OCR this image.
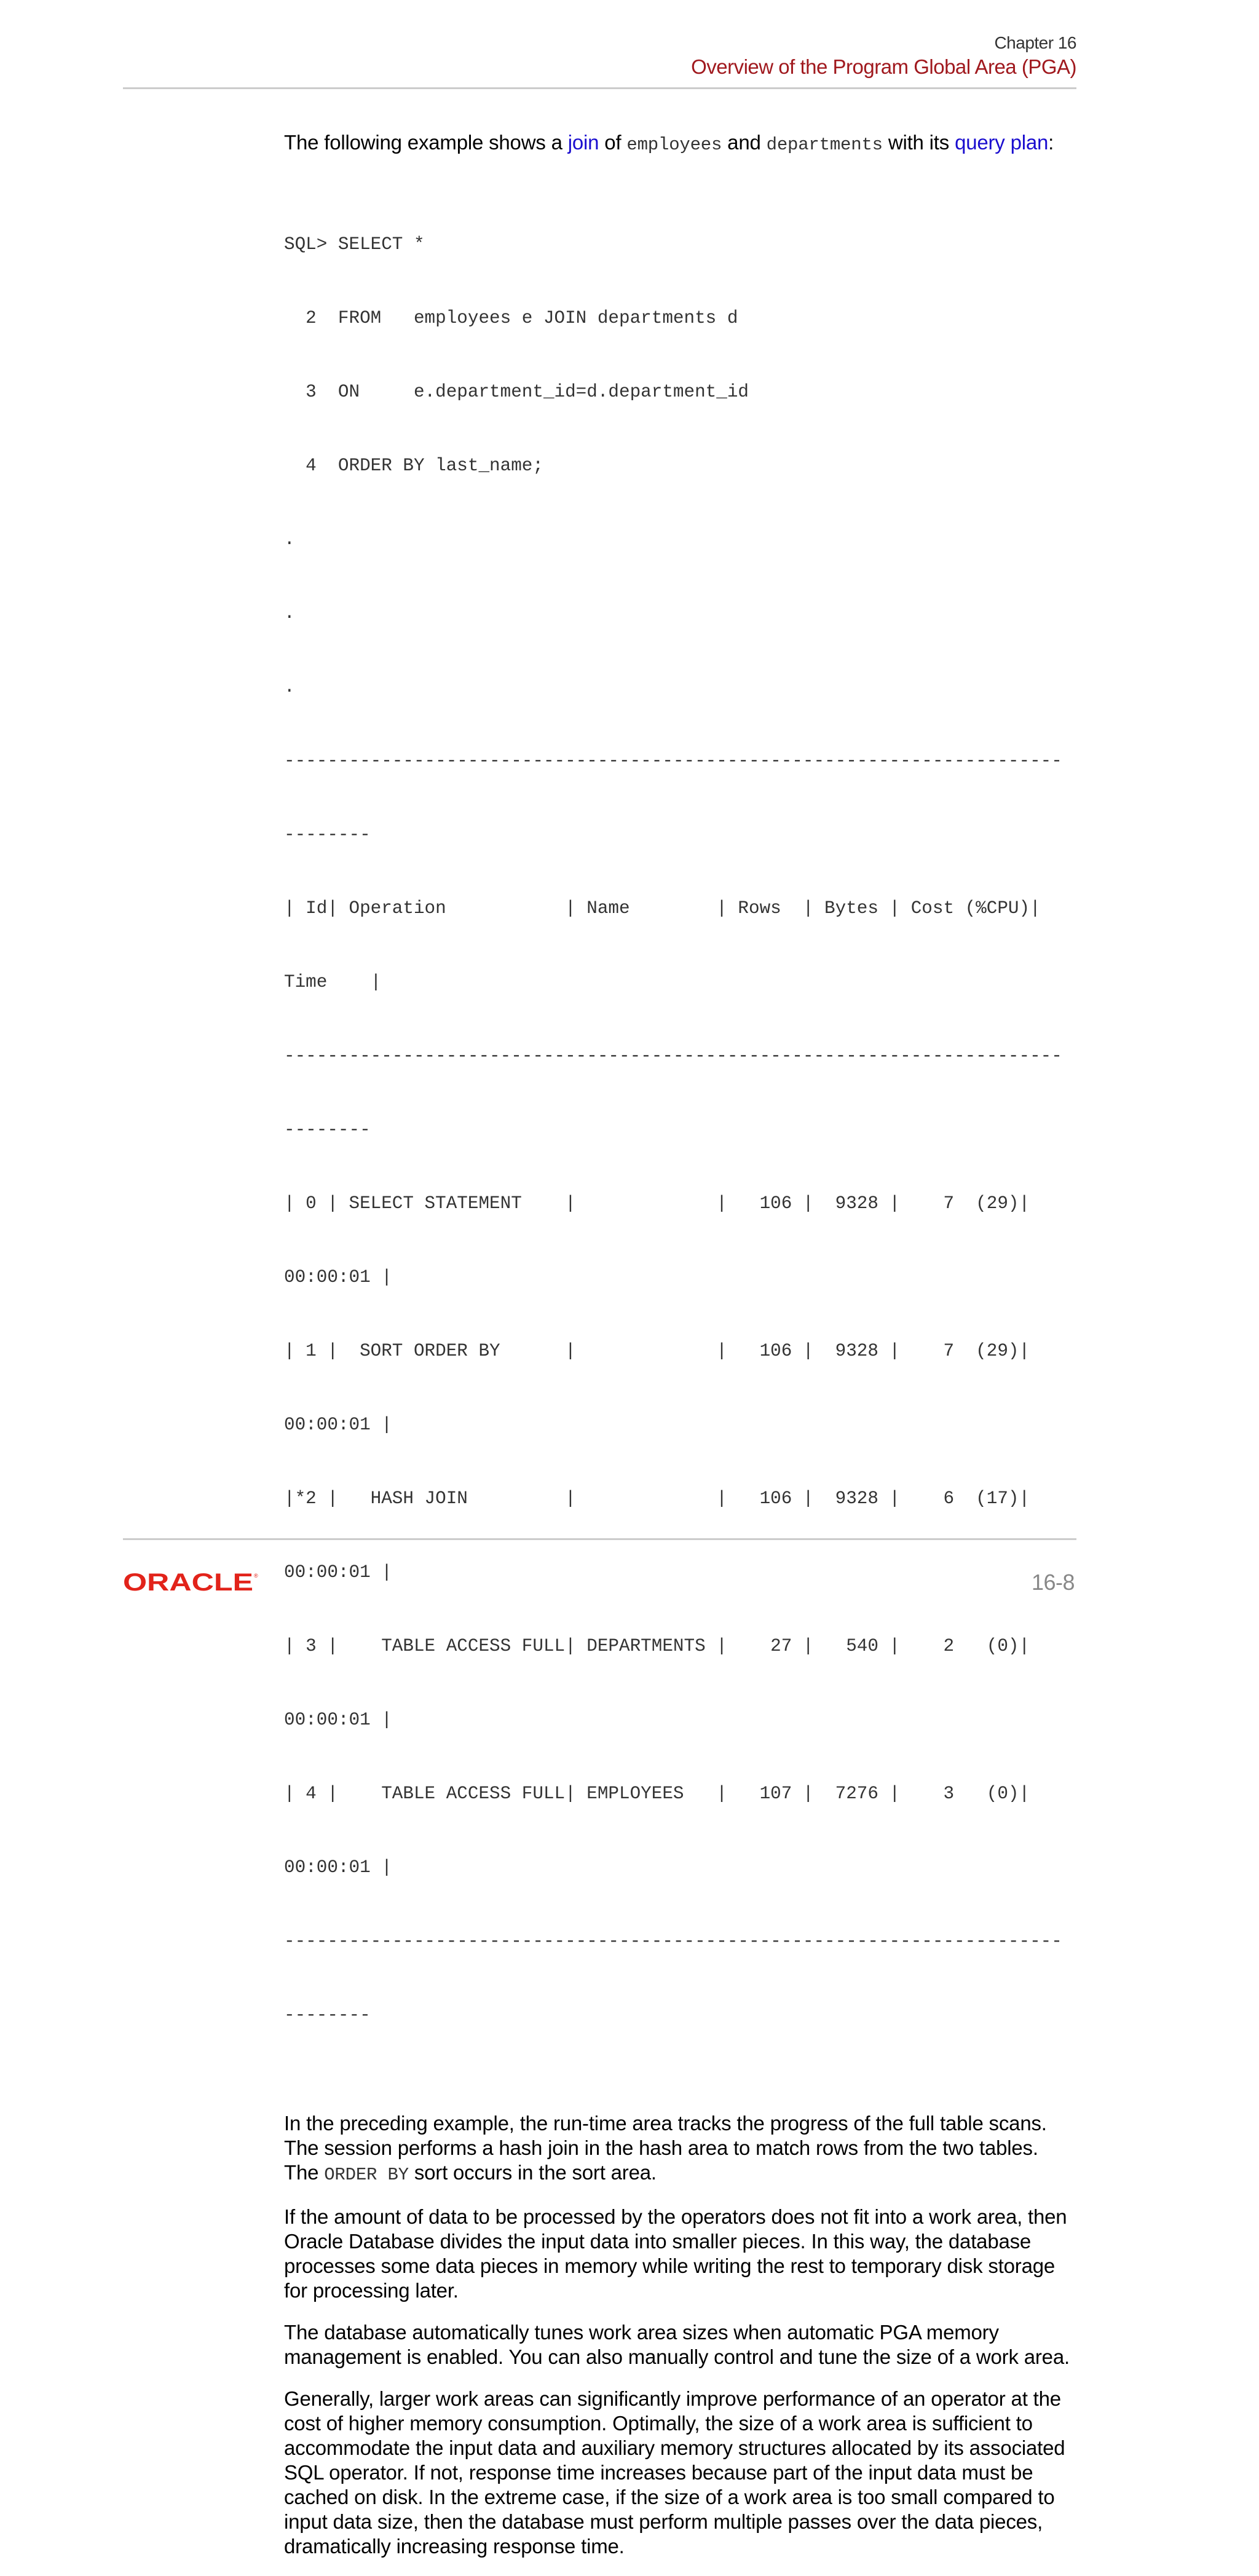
Chapter 16
Overview of the Program Global Area (PGA)

The following example shows a join of employees and departments with its query plan:

SQL> SELECT *

2  FROM   employees e JOIN departments d

3  ON     e.department_id=d.department_id

4  ORDER BY last_name;

.

.

.

------------------------------------------------------------------------

--------

| Id| Operation           | Name        | Rows  | Bytes | Cost (%CPU)|

Time    |

------------------------------------------------------------------------

--------

| 0 | SELECT STATEMENT    |             |   106 |  9328 |    7  (29)|

00:00:01 |

| 1 |  SORT ORDER BY      |             |   106 |  9328 |    7  (29)|

00:00:01 |

|*2 |   HASH JOIN         |             |   106 |  9328 |    6  (17)|

00:00:01 |

| 3 |    TABLE ACCESS FULL| DEPARTMENTS |    27 |   540 |    2   (0)|

00:00:01 |

| 4 |    TABLE ACCESS FULL| EMPLOYEES   |   107 |  7276 |    3   (0)|

00:00:01 |

------------------------------------------------------------------------

--------

In the preceding example, the run-time area tracks the progress of the full table scans. The session performs a hash join in the hash area to match rows from the two tables. The ORDER BY sort occurs in the sort area.

If the amount of data to be processed by the operators does not fit into a work area, then Oracle Database divides the input data into smaller pieces. In this way, the database processes some data pieces in memory while writing the rest to temporary disk storage for processing later.

The database automatically tunes work area sizes when automatic PGA memory management is enabled. You can also manually control and tune the size of a work area.

Generally, larger work areas can significantly improve performance of an operator at the cost of higher memory consumption. Optimally, the size of a work area is sufficient to accommodate the input data and auxiliary memory structures allocated by its associated SQL operator. If not, response time increases because part of the input data must be cached on disk. In the extreme case, if the size of a work area is too small compared to input data size, then the database must perform multiple passes over the data pieces, dramatically increasing response time.

ORACLE ®	16-8
